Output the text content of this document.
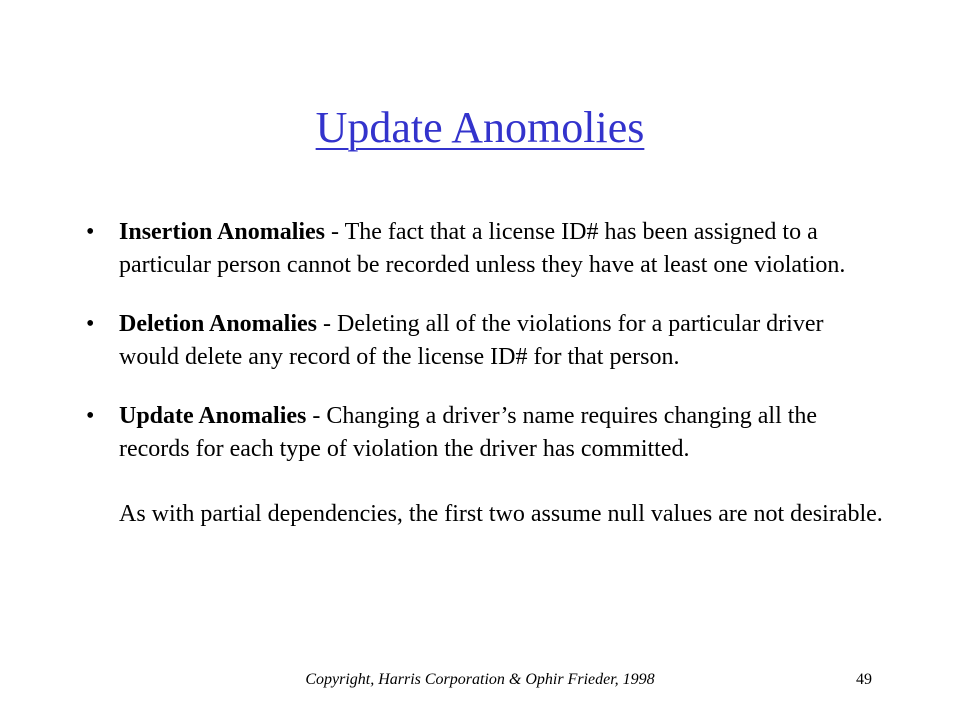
Update Anomolies
• Insertion Anomalies - The fact that a license ID# has been assigned to a particular person cannot be recorded unless they have at least one violation.
• Deletion Anomalies - Deleting all of the violations for a particular driver would delete any record of the license ID# for that person.
• Update Anomalies - Changing a driver’s name requires changing all the records for each type of violation the driver has committed.
As with partial dependencies, the first two assume null values are not desirable.
Copyright, Harris Corporation & Ophir Frieder, 1998	49
